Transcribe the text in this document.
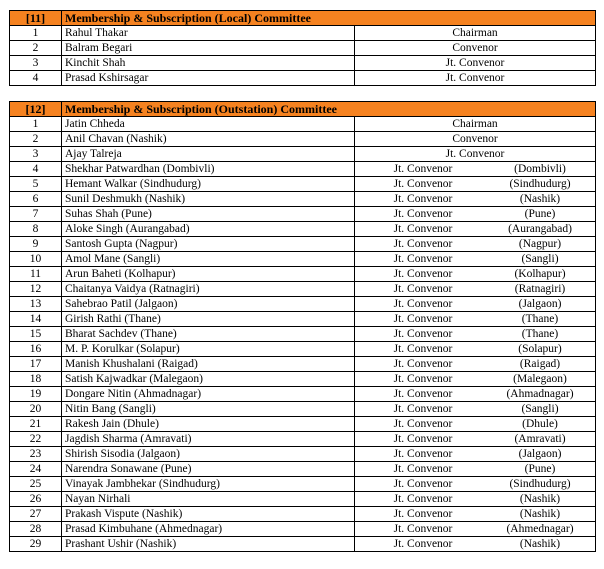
[11]	Membership & Subscription (Local) Committee	
1	Rahul Thakar	Chairman

2	Balram Begari	Convenor

3	Kinchit Shah	Jt. Convenor

4	Prasad Kshirsagar	Jt. Convenor
[12]	Membership & Subscription (Outstation) Committee	
1	Jatin Chheda	Chairman

2	Anil Chavan (Nashik)	Convenor

3	Ajay Talreja	Jt. Convenor

4	Shekhar Patwardhan (Dombivli)	Jt. Convenor (Dombivli)

5	Hemant Walkar (Sindhudurg)	Jt. Convenor (Sindhudurg)

6	Sunil Deshmukh (Nashik)	Jt. Convenor (Nashik)

7	Suhas Shah (Pune)	Jt. Convenor (Pune)

8	Aloke Singh (Aurangabad)	Jt. Convenor (Aurangabad)

9	Santosh Gupta (Nagpur)	Jt. Convenor (Nagpur)

10	Amol Mane (Sangli)	Jt. Convenor (Sangli)

11	Arun Baheti (Kolhapur)	Jt. Convenor (Kolhapur)

12	Chaitanya Vaidya (Ratnagiri)	Jt. Convenor (Ratnagiri)

13	Sahebrao Patil (Jalgaon)	Jt. Convenor (Jalgaon)

14	Girish Rathi (Thane)	Jt. Convenor (Thane)

15	Bharat Sachdev (Thane)	Jt. Convenor (Thane)

16	M. P. Korulkar (Solapur)	Jt. Convenor (Solapur)

17	Manish Khushalani (Raigad)	Jt. Convenor (Raigad)

18	Satish Kajwadkar (Malegaon)	Jt. Convenor (Malegaon)

19	Dongare Nitin (Ahmadnagar)	Jt. Convenor (Ahmadnagar)

20	Nitin Bang (Sangli)	Jt. Convenor (Sangli)

21	Rakesh Jain (Dhule)	Jt. Convenor (Dhule)

22	Jagdish Sharma (Amravati)	Jt. Convenor (Amravati)

23	Shirish Sisodia (Jalgaon)	Jt. Convenor (Jalgaon)

24	Narendra Sonawane (Pune)	Jt. Convenor (Pune)

25	Vinayak Jambhekar (Sindhudurg)	Jt. Convenor (Sindhudurg)

26	Nayan Nirhali	Jt. Convenor (Nashik)

27	Prakash Vispute (Nashik)	Jt. Convenor (Nashik)

28	Prasad Kimbuhane (Ahmednagar)	Jt. Convenor (Ahmednagar)

29	Prashant Ushir (Nashik)	Jt. Convenor (Nashik)
